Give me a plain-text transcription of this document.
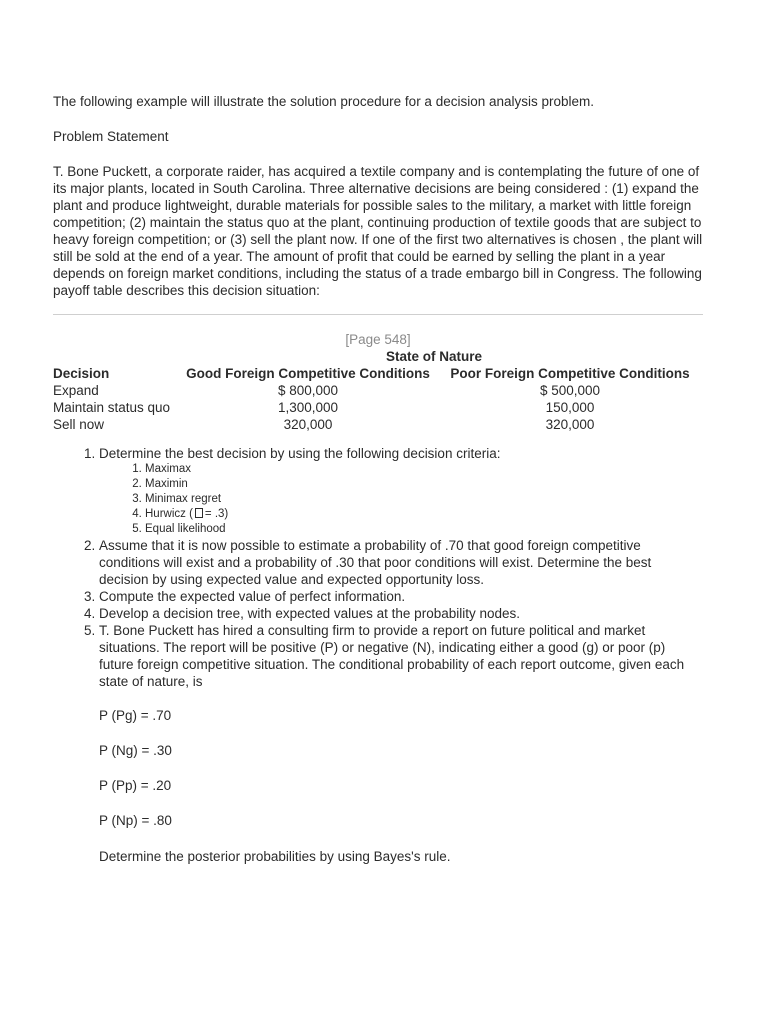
The following example will illustrate the solution procedure for a decision analysis problem.

Problem Statement

T. Bone Puckett, a corporate raider, has acquired a textile company and is contemplating the future of one of its major plants, located in South Carolina. Three alternative decisions are being considered : (1) expand the plant and produce lightweight, durable materials for possible sales to the military, a market with little foreign competition; (2) maintain the status quo at the plant, continuing production of textile goods that are subject to heavy foreign competition; or (3) sell the plant now. If one of the first two alternatives is chosen , the plant will still be sold at the end of a year. The amount of profit that could be earned by selling the plant in a year depends on foreign market conditions, including the status of a trade embargo bill in Congress. The following payoff table describes this decision situation:

[Page 548]
State of Nature
Decision	Good Foreign Competitive Conditions	Poor Foreign Competitive Conditions
Expand	$ 800,000	$ 500,000
Maintain status quo	1,300,000	150,000
Sell now	320,000	320,000
1. Determine the best decision by using the following decision criteria:
1. Maximax
2. Maximin
3. Minimax regret
4. Hurwicz ( = .3)
5. Equal likelihood
2. Assume that it is now possible to estimate a probability of .70 that good foreign competitive conditions will exist and a probability of .30 that poor conditions will exist. Determine the best decision by using expected value and expected opportunity loss.
3. Compute the expected value of perfect information.
4. Develop a decision tree, with expected values at the probability nodes.
5. T. Bone Puckett has hired a consulting firm to provide a report on future political and market situations. The report will be positive (P) or negative (N), indicating either a good (g) or poor (p) future foreign competitive situation. The conditional probability of each report outcome, given each state of nature, is

P (Pg) = .70

P (Ng) = .30

P (Pp) = .20

P (Np) = .80

Determine the posterior probabilities by using Bayes's rule.
